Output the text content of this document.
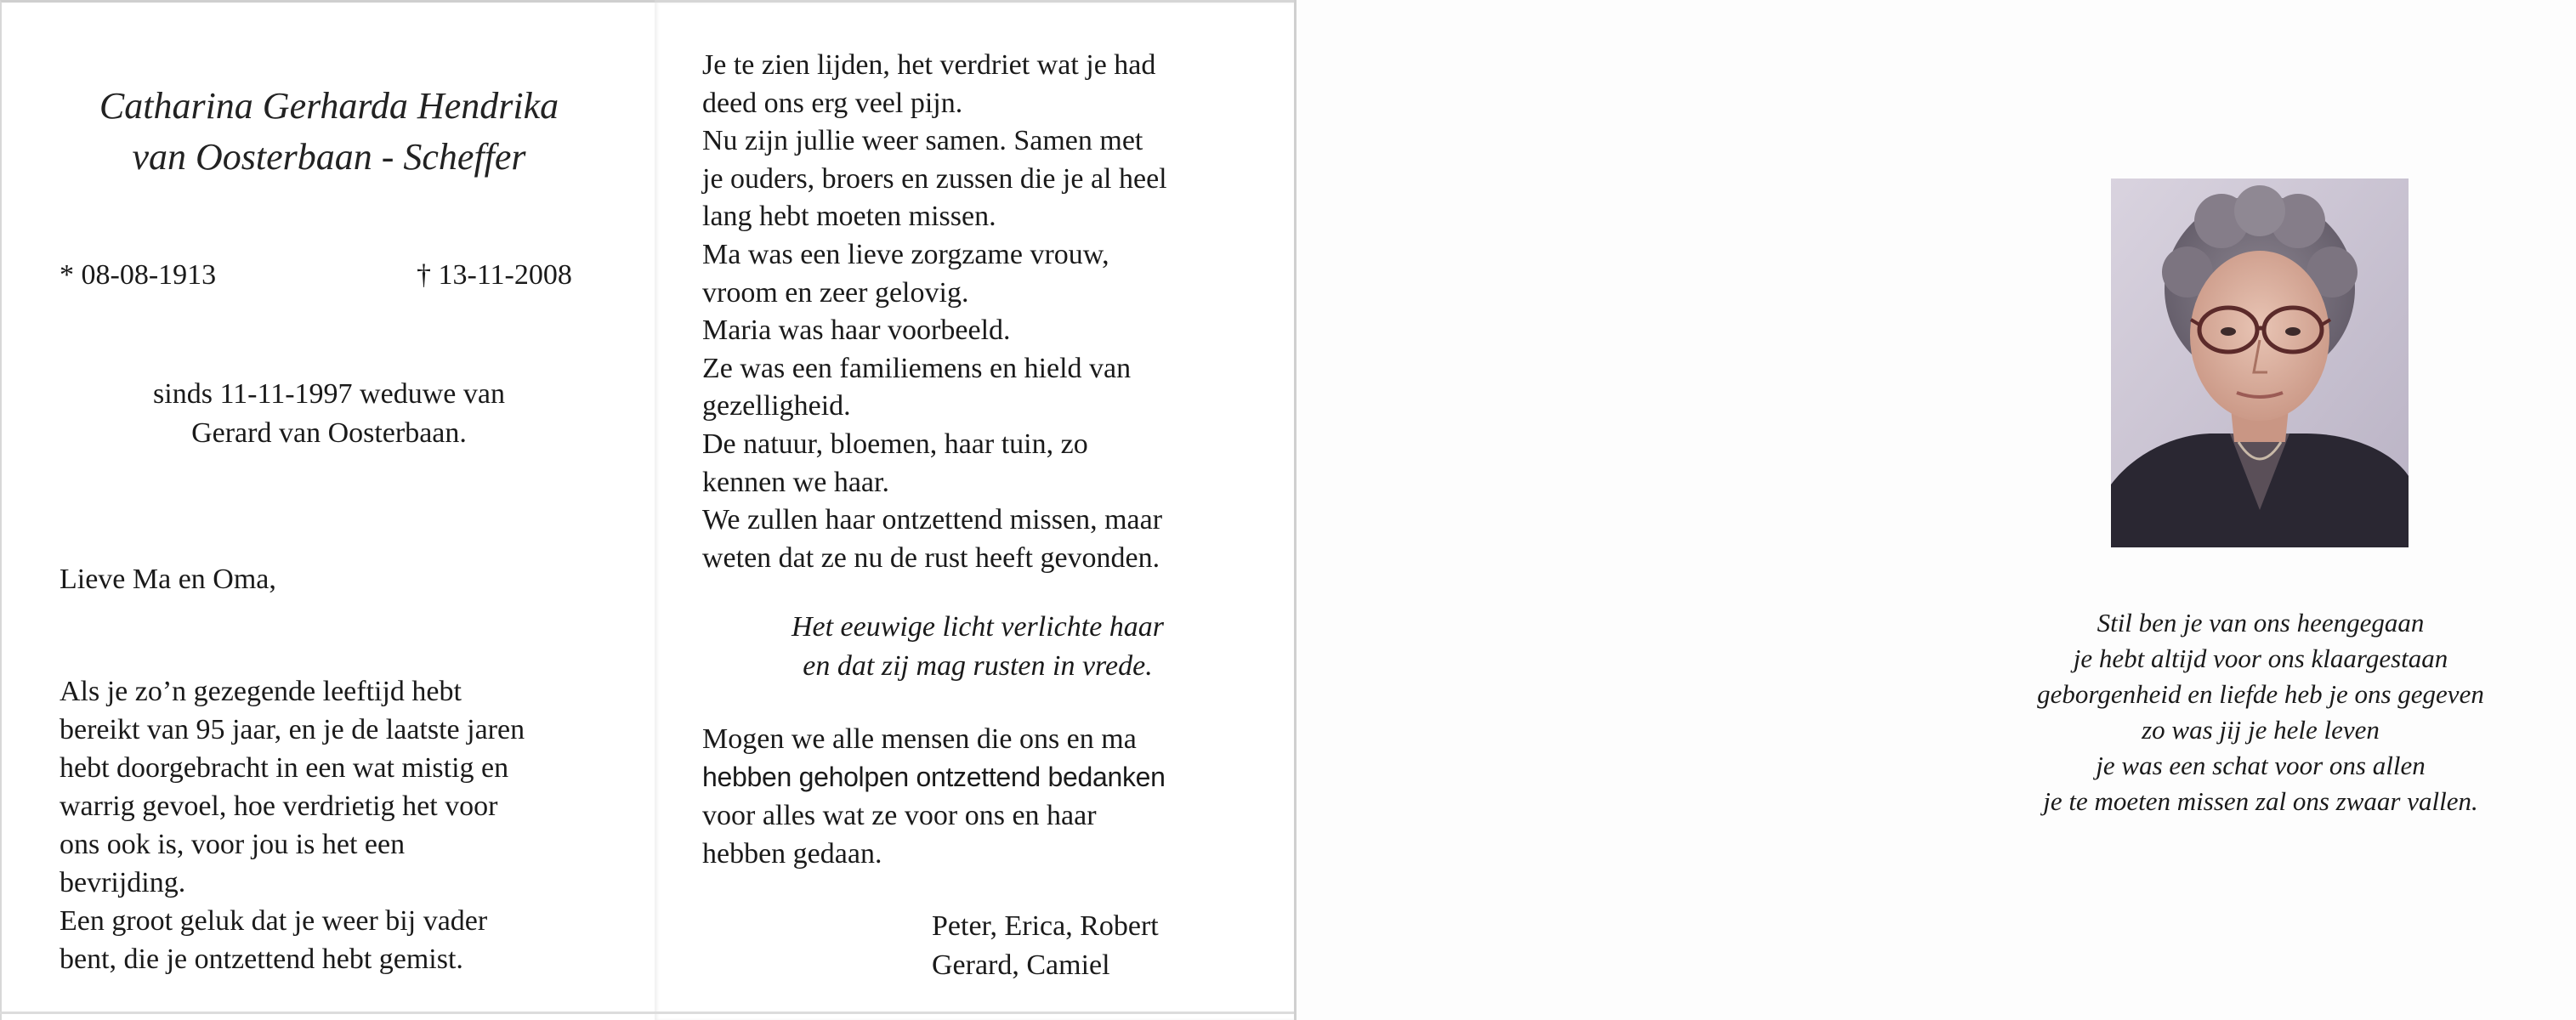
Catharina Gerharda Hendrika
van Oosterbaan - Scheffer
* 08-08-1913	† 13-11-2008
sinds 11-11-1997 weduwe van
Gerard van Oosterbaan.
Lieve Ma en Oma,
Als je zo’n gezegende leeftijd hebt
bereikt van 95 jaar, en je de laatste jaren
hebt doorgebracht in een wat mistig en
warrig gevoel, hoe verdrietig het voor
ons ook is, voor jou is het een
bevrijding.
Een groot geluk dat je weer bij vader
bent, die je ontzettend hebt gemist.
Je te zien lijden, het verdriet wat je had
deed ons erg veel pijn.
Nu zijn jullie weer samen. Samen met
je ouders, broers en zussen die je al heel
lang hebt moeten missen.
Ma was een lieve zorgzame vrouw,
vroom en zeer gelovig.
Maria was haar voorbeeld.
Ze was een familiemens en hield van
gezelligheid.
De natuur, bloemen, haar tuin, zo
kennen we haar.
We zullen haar ontzettend missen, maar
weten dat ze nu de rust heeft gevonden.
Het eeuwige licht verlichte haar
en dat zij mag rusten in vrede.
Mogen we alle mensen die ons en ma
hebben geholpen ontzettend bedanken
voor alles wat ze voor ons en haar
hebben gedaan.
Peter, Erica, Robert
Gerard, Camiel
Stil ben je van ons heengegaan
je hebt altijd voor ons klaargestaan
geborgenheid en liefde heb je ons gegeven
zo was jij je hele leven
je was een schat voor ons allen
je te moeten missen zal ons zwaar vallen.
